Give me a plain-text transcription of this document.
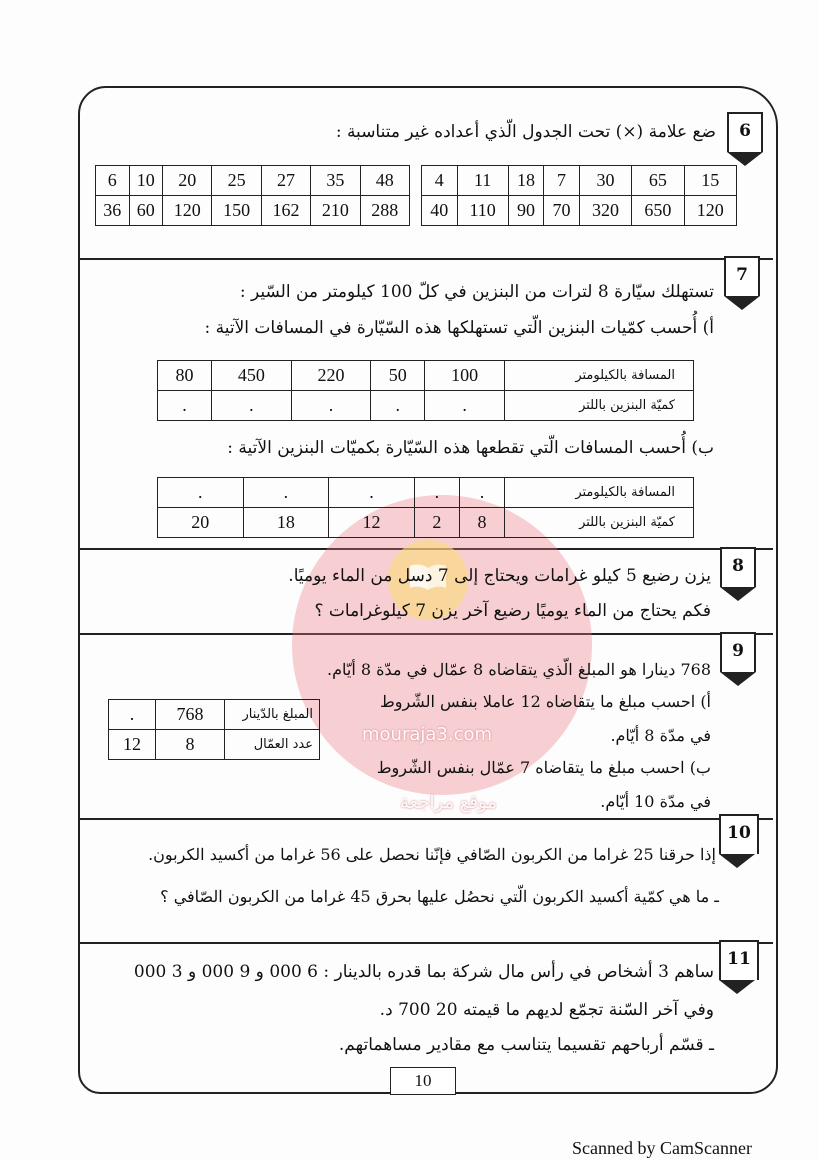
موقع مراجعة
mouraja3.com
6
ضع علامة (×) تحت الجدول الّذي أعداده غير متناسبة :
6	10	20	25	27	35	48
36	60	120	150	162	210	288
4	11	18	7	30	65	15
40	110	90	70	320	650	120
7
تستهلك سيّارة 8 لترات من البنزين في كلّ 100 كيلومتر من السّير :
أ) أُحسب كمّيات البنزين الّتي تستهلكها هذه السّيّارة في المسافات الآتية :
80	450	220	50	100	المسافة بالكيلومتر
.	.	.	.	.	كميّة البنزين باللتر
ب) أُحسب المسافات الّتي تقطعها هذه السّيّارة بكميّات البنزين الآتية :
.	.	.	.	.	المسافة بالكيلومتر
20	18	12	2	8	كميّة البنزين باللتر
8
يزن رضيع 5 كيلو غرامات ويحتاج إلى 7 دسل من الماء يوميًا.
فكم يحتاج من الماء يوميًا رضيع آخر يزن 7 كيلوغرامات ؟
9
768 دينارا هو المبلغ الّذي يتقاضاه 8 عمّال في مدّة 8 أيّام.
أ) احسب مبلغ ما يتقاضاه 12 عاملا بنفس الشّروط
في مدّة 8 أيّام.
ب) احسب مبلغ ما يتقاضاه 7 عمّال بنفس الشّروط
في مدّة 10 أيّام.
.	768	المبلغ بالدّينار
12	8	عدد العمّال
10
إذا حرقنا 25 غراما من الكربون الصّافي فإنّنا نحصل على 56 غراما من أكسيد الكربون.
ـ ما هي كمّية أكسيد الكربون الّتي نحصُل عليها بحرق 45 غراما من الكربون الصّافي ؟
11
ساهم 3 أشخاص في رأس مال شركة بما قدره بالدينار : 6 000 و 9 000 و 3 000
وفي آخر السّنة تجمّع لديهم ما قيمته 20 700 د.
ـ قسّم أرباحهم تقسيما يتناسب مع مقادير مساهماتهم.
10
Scanned by CamScanner
